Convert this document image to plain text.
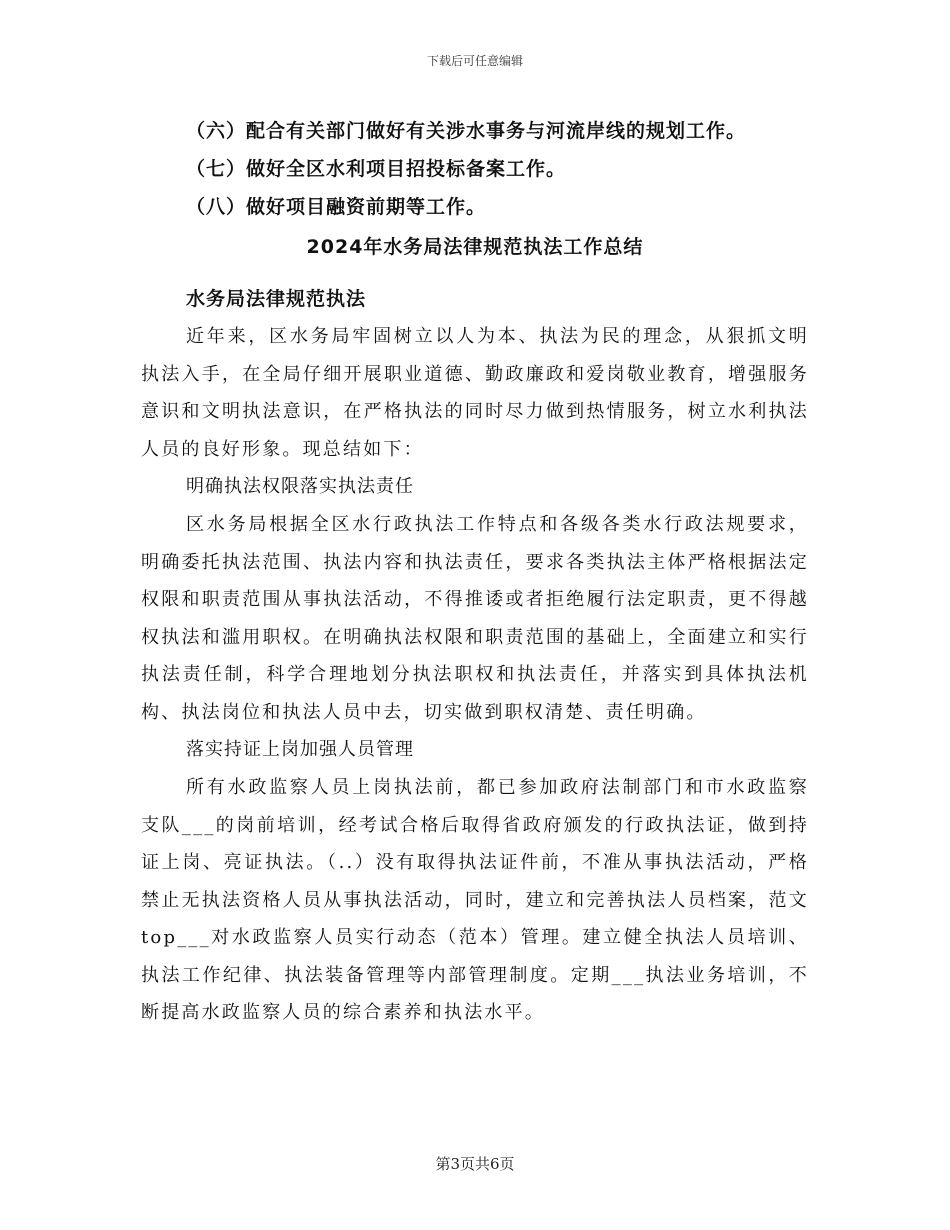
下载后可任意编辑
（六）配合有关部门做好有关涉水事务与河流岸线的规划工作。
（七）做好全区水利项目招投标备案工作。
（八）做好项目融资前期等工作。
2024年水务局法律规范执法工作总结
水务局法律规范执法

近年来，区水务局牢固树立以人为本、执法为民的理念，从狠抓文明执法入手，在全局仔细开展职业道德、勤政廉政和爱岗敬业教育，增强服务意识和文明执法意识，在严格执法的同时尽力做到热情服务，树立水利执法人员的良好形象。现总结如下：

明确执法权限落实执法责任

区水务局根据全区水行政执法工作特点和各级各类水行政法规要求，明确委托执法范围、执法内容和执法责任，要求各类执法主体严格根据法定权限和职责范围从事执法活动，不得推诿或者拒绝履行法定职责，更不得越权执法和滥用职权。在明确执法权限和职责范围的基础上，全面建立和实行执法责任制，科学合理地划分执法职权和执法责任，并落实到具体执法机构、执法岗位和执法人员中去，切实做到职权清楚、责任明确。

落实持证上岗加强人员管理

所有水政监察人员上岗执法前，都已参加政府法制部门和市水政监察支队___的岗前培训，经考试合格后取得省政府颁发的行政执法证，做到持证上岗、亮证执法。（..）没有取得执法证件前，不准从事执法活动，严格禁止无执法资格人员从事执法活动，同时，建立和完善执法人员档案，范文top___对水政监察人员实行动态（范本）管理。建立健全执法人员培训、执法工作纪律、执法装备管理等内部管理制度。定期___执法业务培训，不断提高水政监察人员的综合素养和执法水平。

第3页共6页
